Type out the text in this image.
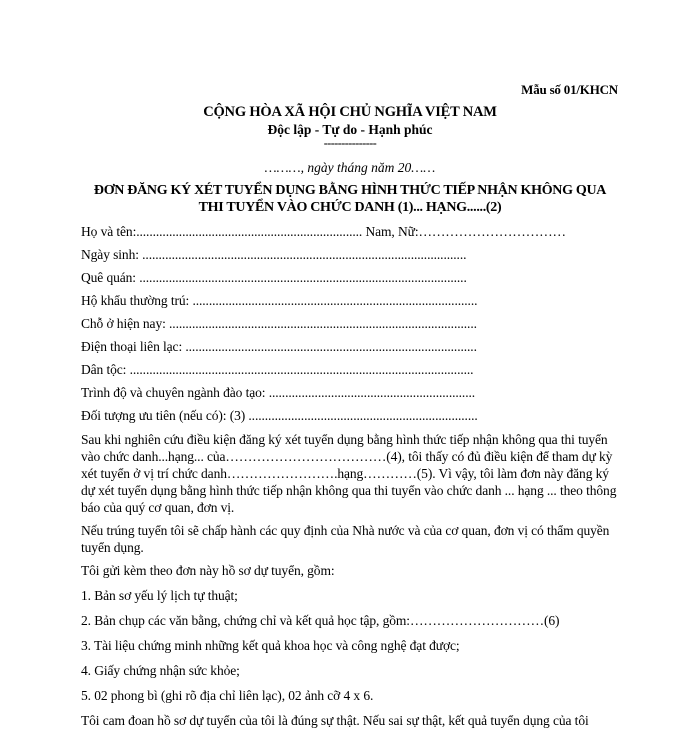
Mẫu số 01/KHCN
CỘNG HÒA XÃ HỘI CHỦ NGHĨA VIỆT NAM
Độc lập - Tự do - Hạnh phúc
---------------
………, ngày tháng năm 20……
ĐƠN ĐĂNG KÝ XÉT TUYỂN DỤNG BẰNG HÌNH THỨC TIẾP NHẬN KHÔNG QUA
THI TUYỂN VÀO CHỨC DANH (1)... HẠNG......(2)
Họ và tên:..................................................................... Nam, Nữ:……………………………
Ngày sinh: ...................................................................................................
Quê quán: ....................................................................................................
Hộ khẩu thường trú: .......................................................................................
Chỗ ở hiện nay: ..............................................................................................
Điện thoại liên lạc: .........................................................................................
Dân tộc: .........................................................................................................
Trình độ và chuyên ngành đào tạo: ...............................................................
Đối tượng ưu tiên (nếu có): (3) ......................................................................
Sau khi nghiên cứu điều kiện đăng ký xét tuyển dụng bằng hình thức tiếp nhận không qua thi tuyển vào chức danh...hạng... của………………………………(4), tôi thấy có đủ điều kiện để tham dự kỳ xét tuyển ở vị trí chức danh…………………….hạng…………(5). Vì vậy, tôi làm đơn này đăng ký dự xét tuyển dụng bằng hình thức tiếp nhận không qua thi tuyển vào chức danh ... hạng ... theo thông báo của quý cơ quan, đơn vị.
Nếu trúng tuyển tôi sẽ chấp hành các quy định của Nhà nước và của cơ quan, đơn vị có thẩm quyền tuyển dụng.
Tôi gửi kèm theo đơn này hồ sơ dự tuyển, gồm:
1. Bản sơ yếu lý lịch tự thuật;
2. Bản chụp các văn bằng, chứng chỉ và kết quả học tập, gồm:…………………………(6)
3. Tài liệu chứng minh những kết quả khoa học và công nghệ đạt được;
4. Giấy chứng nhận sức khỏe;
5. 02 phong bì (ghi rõ địa chỉ liên lạc), 02 ảnh cỡ 4 x 6.
Tôi cam đoan hồ sơ dự tuyển của tôi là đúng sự thật. Nếu sai sự thật, kết quả tuyển dụng của tôi
